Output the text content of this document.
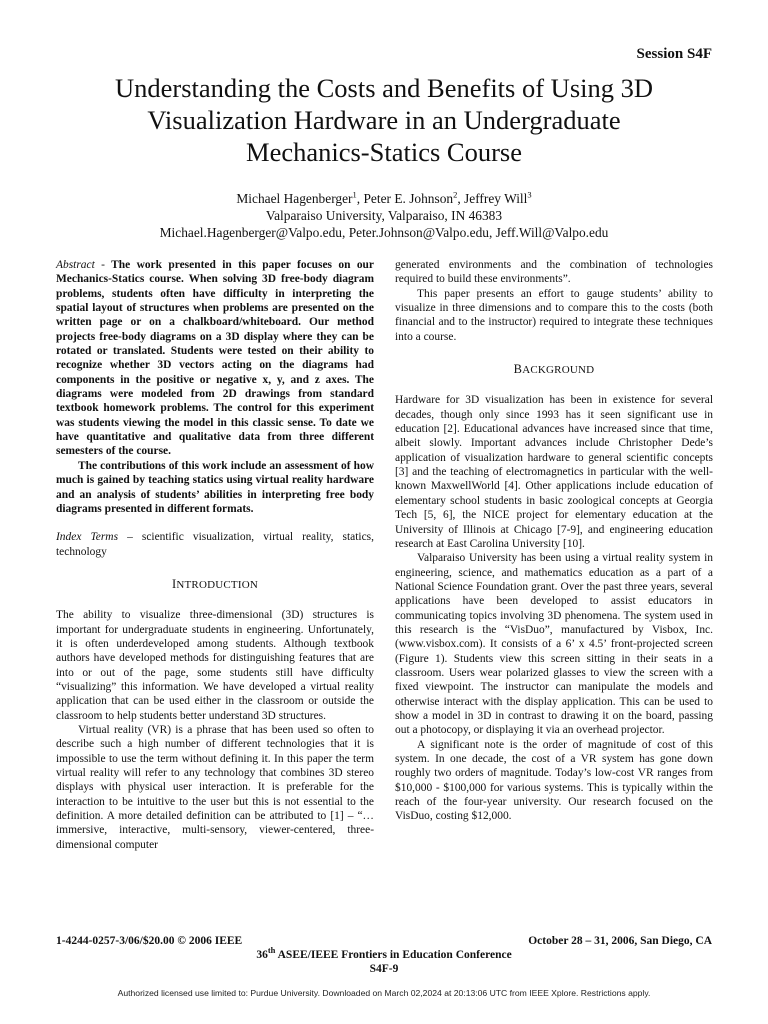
Session S4F
Understanding the Costs and Benefits of Using 3D
Visualization Hardware in an Undergraduate
Mechanics-Statics Course
Michael Hagenberger$^1$, Peter E. Johnson$^2$, Jeffrey Will$^3$
Valparaiso University, Valparaiso, IN 46383
Michael.Hagenberger@Valpo.edu, Peter.Johnson@Valpo.edu, Jeff.Will@Valpo.edu

Abstract - The work presented in this paper focuses on our Mechanics-Statics course. When solving 3D free-body diagram problems, students often have difficulty in interpreting the spatial layout of structures when problems are presented on the written page or on a chalkboard/whiteboard. Our method projects free-body diagrams on a 3D display where they can be rotated or translated. Students were tested on their ability to recognize whether 3D vectors acting on the diagrams had components in the positive or negative x, y, and z axes. The diagrams were modeled from 2D drawings from standard textbook homework problems. The control for this experiment was students viewing the model in this classic sense. To date we have quantitative and qualitative data from three different semesters of the course.

The contributions of this work include an assessment of how much is gained by teaching statics using virtual reality hardware and an analysis of students’ abilities in interpreting free body diagrams presented in different formats.

Index Terms – scientific visualization, virtual reality, statics, technology

INTRODUCTION

The ability to visualize three-dimensional (3D) structures is important for undergraduate students in engineering. Unfortunately, it is often underdeveloped among students. Although textbook authors have developed methods for distinguishing features that are into or out of the page, some students still have difficulty “visualizing” this information. We have developed a virtual reality application that can be used either in the classroom or outside the classroom to help students better understand 3D structures.

Virtual reality (VR) is a phrase that has been used so often to describe such a high number of different technologies that it is impossible to use the term without defining it. In this paper the term virtual reality will refer to any technology that combines 3D stereo displays with physical user interaction. It is preferable for the interaction to be intuitive to the user but this is not essential to the definition. A more detailed definition can be attributed to [1] – “… immersive, interactive, multi-sensory, viewer-centered, three-dimensional computer

generated environments and the combination of technologies required to build these environments”.

This paper presents an effort to gauge students’ ability to visualize in three dimensions and to compare this to the costs (both financial and to the instructor) required to integrate these techniques into a course.

BACKGROUND

Hardware for 3D visualization has been in existence for several decades, though only since 1993 has it seen significant use in education [2]. Educational advances have increased since that time, albeit slowly. Important advances include Christopher Dede’s application of visualization hardware to general scientific concepts [3] and the teaching of electromagnetics in particular with the well-known MaxwellWorld [4]. Other applications include education of elementary school students in basic zoological concepts at Georgia Tech [5, 6], the NICE project for elementary education at the University of Illinois at Chicago [7-9], and engineering education research at East Carolina University [10].

Valparaiso University has been using a virtual reality system in engineering, science, and mathematics education as a part of a National Science Foundation grant. Over the past three years, several applications have been developed to assist educators in communicating topics involving 3D phenomena. The system used in this research is the “VisDuo”, manufactured by Visbox, Inc. (www.visbox.com). It consists of a 6’ x 4.5’ front-projected screen (Figure 1). Students view this screen sitting in their seats in a classroom. Users wear polarized glasses to view the screen with a fixed viewpoint. The instructor can manipulate the models and otherwise interact with the display application. This can be used to show a model in 3D in contrast to drawing it on the board, passing out a photocopy, or displaying it via an overhead projector.

A significant note is the order of magnitude of cost of this system. In one decade, the cost of a VR system has gone down roughly two orders of magnitude. Today’s low-cost VR ranges from $10,000 - $100,000 for various systems. This is typically within the reach of the four-year university. Our research focused on the VisDuo, costing $12,000.

1-4244-0257-3/06/$20.00 © 2006 IEEE	October 28 – 31, 2006, San Diego, CA
36th ASEE/IEEE Frontiers in Education Conference
S4F-9
Authorized licensed use limited to: Purdue University. Downloaded on March 02,2024 at 20:13:06 UTC from IEEE Xplore. Restrictions apply.
